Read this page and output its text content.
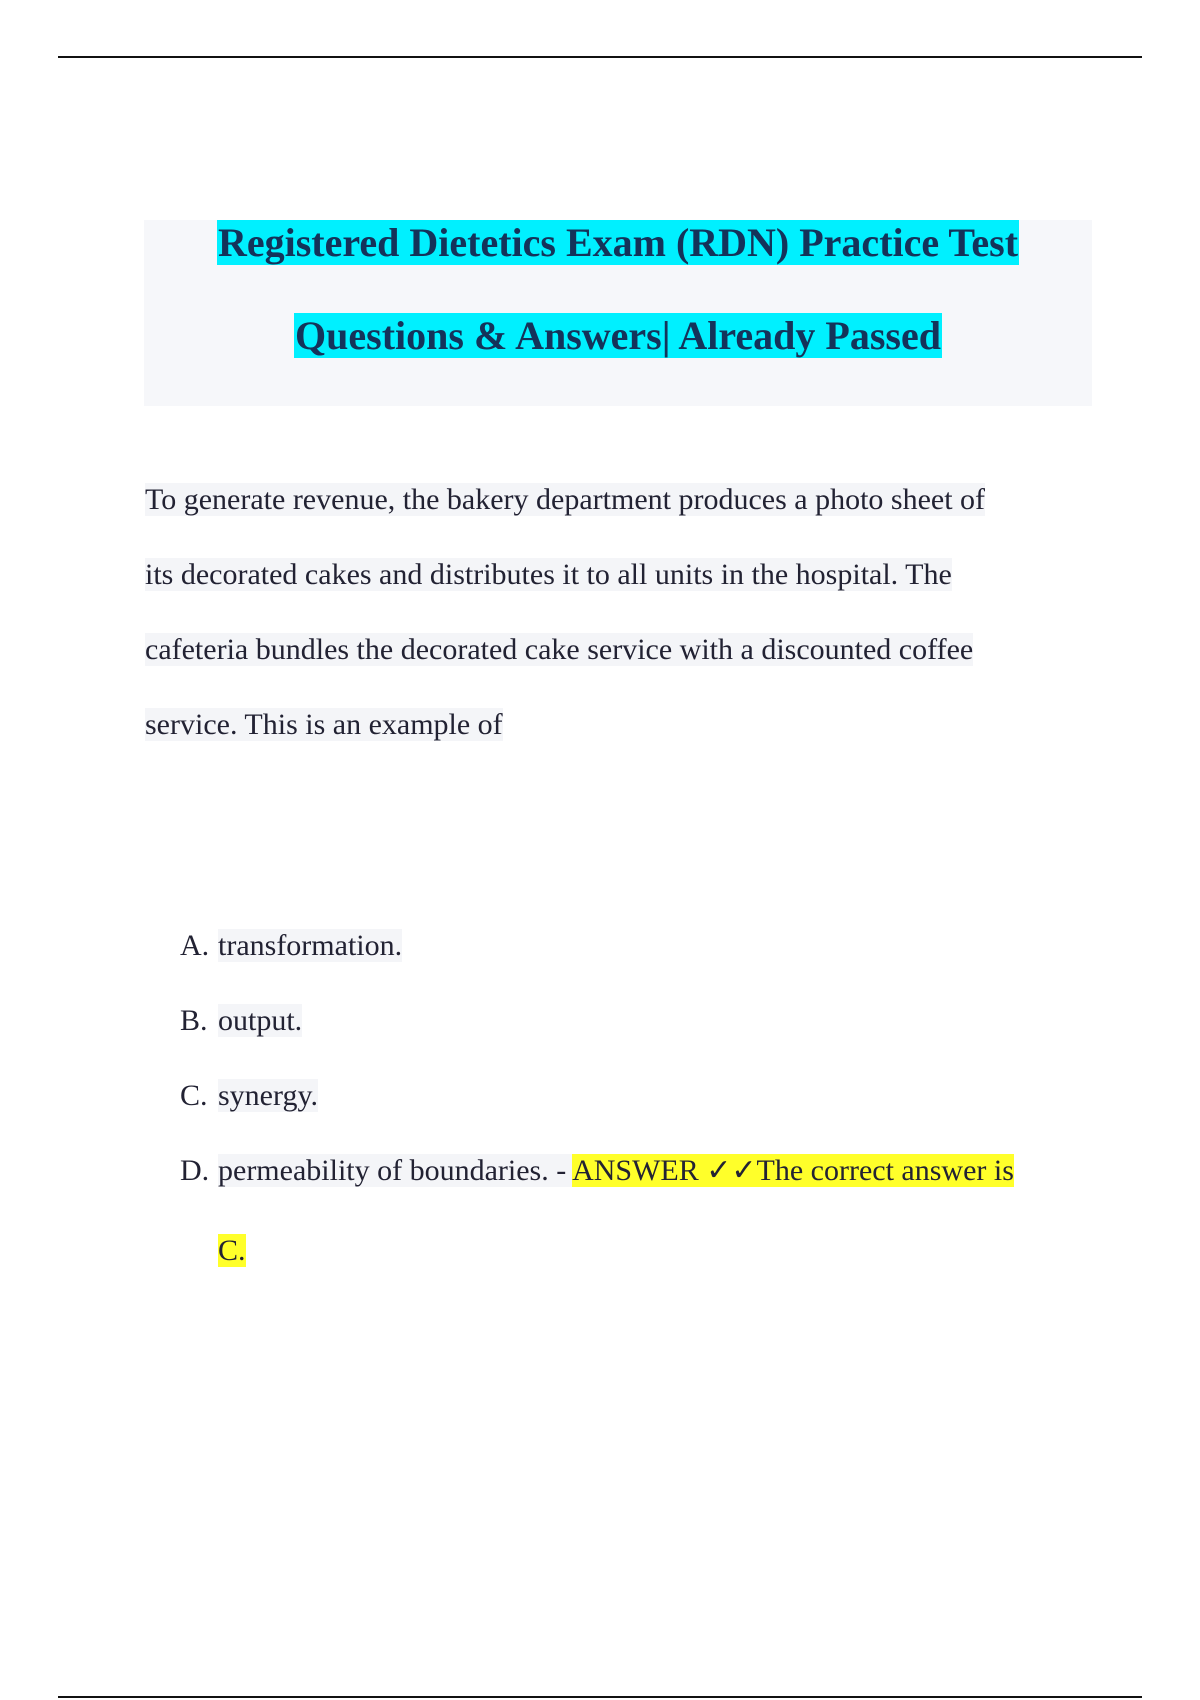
Registered Dietetics Exam (RDN) Practice Test
Questions & Answers| Already Passed
To generate revenue, the bakery department produces a photo sheet of
its decorated cakes and distributes it to all units in the hospital. The
cafeteria bundles the decorated cake service with a discounted coffee
service. This is an example of
A. transformation.
B. output.
C. synergy.
D. permeability of boundaries. - ANSWER ✓✓The correct answer is
C.
